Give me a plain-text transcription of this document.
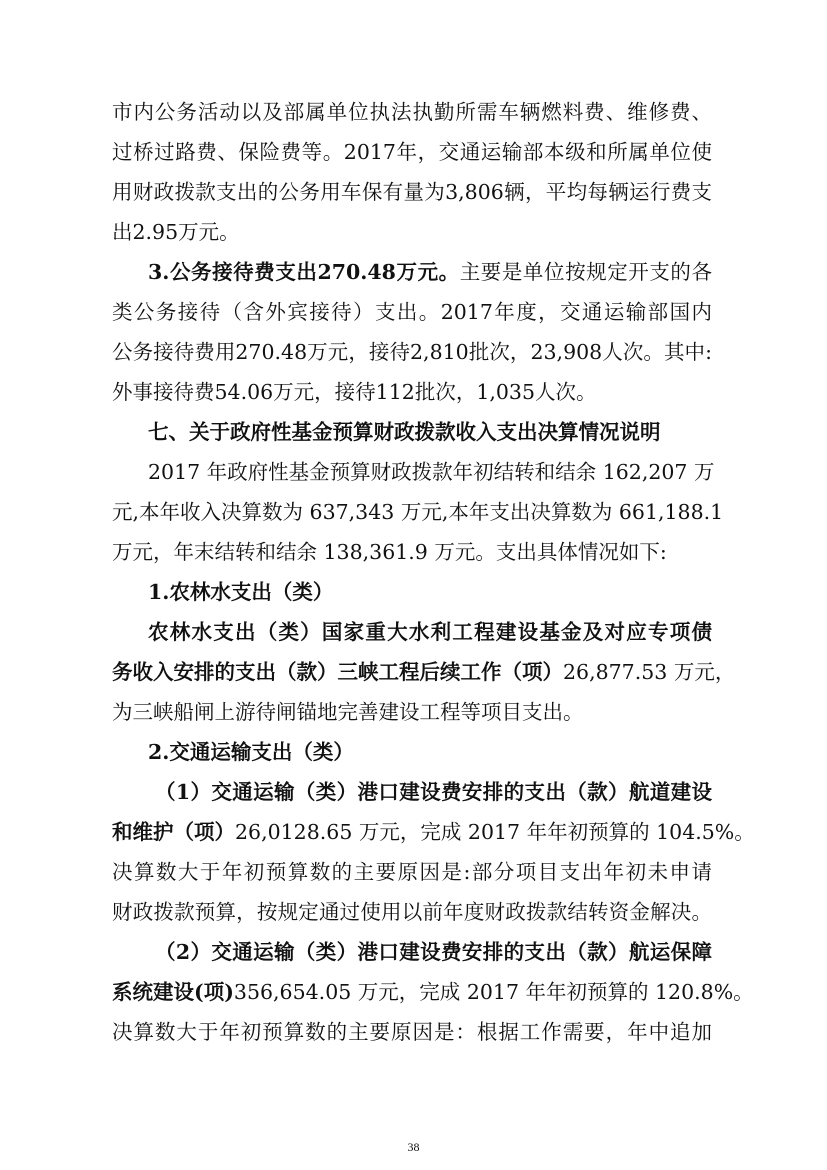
市内公务活动以及部属单位执法执勤所需车辆燃料费、维修费、
过桥过路费、保险费等。2017年，交通运输部本级和所属单位使
用财政拨款支出的公务用车保有量为3,806辆，平均每辆运行费支
出2.95万元。
3.公务接待费支出270.48万元。主要是单位按规定开支的各
类公务接待（含外宾接待）支出。2017年度，交通运输部国内
公务接待费用270.48万元，接待2,810批次，23,908人次。其中:
外事接待费54.06万元，接待112批次，1,035人次。
七、关于政府性基金预算财政拨款收入支出决算情况说明
2017 年政府性基金预算财政拨款年初结转和结余 162,207 万
元,本年收入决算数为 637,343 万元,本年支出决算数为 661,188.1
万元，年末结转和结余 138,361.9 万元。支出具体情况如下:
1.农林水支出（类）
农林水支出（类）国家重大水利工程建设基金及对应专项债
务收入安排的支出（款）三峡工程后续工作（项）26,877.53 万元，
为三峡船闸上游待闸锚地完善建设工程等项目支出。
2.交通运输支出（类）
（1）交通运输（类）港口建设费安排的支出（款）航道建设
和维护（项）26,0128.65 万元，完成 2017 年年初预算的 104.5%。
决算数大于年初预算数的主要原因是:部分项目支出年初未申请
财政拨款预算，按规定通过使用以前年度财政拨款结转资金解决。
（2）交通运输（类）港口建设费安排的支出（款）航运保障
系统建设(项)356,654.05 万元，完成 2017 年年初预算的 120.8%。
决算数大于年初预算数的主要原因是：根据工作需要，年中追加
38
